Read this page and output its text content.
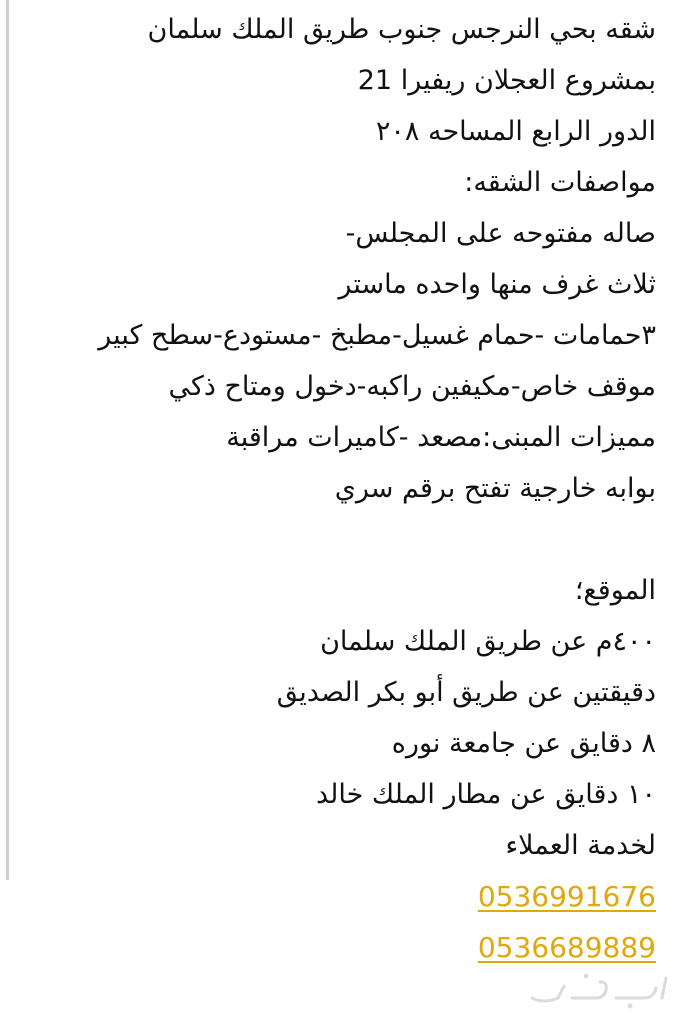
شقه بحي النرجس جنوب طريق الملك سلمان
بمشروع العجلان ريفيرا 21
الدور الرابع المساحه ٢٠٨
مواصفات الشقه:
صاله مفتوحه على المجلس-
ثلاث غرف منها واحده ماستر
٣حمامات -حمام غسيل-مطبخ -مستودع-سطح كبير
موقف خاص-مكيفين راكبه-دخول ومتاح ذكي
مميزات المبنى:مصعد -كاميرات مراقبة
بوابه خارجية تفتح برقم سري
الموقع؛
٤٠٠م عن طريق الملك سلمان
دقيقتين عن طريق أبو بكر الصديق
٨ دقايق عن جامعة نوره
١٠ دقايق عن مطار الملك خالد
لخدمة العملاء
0536991676
0536689889
